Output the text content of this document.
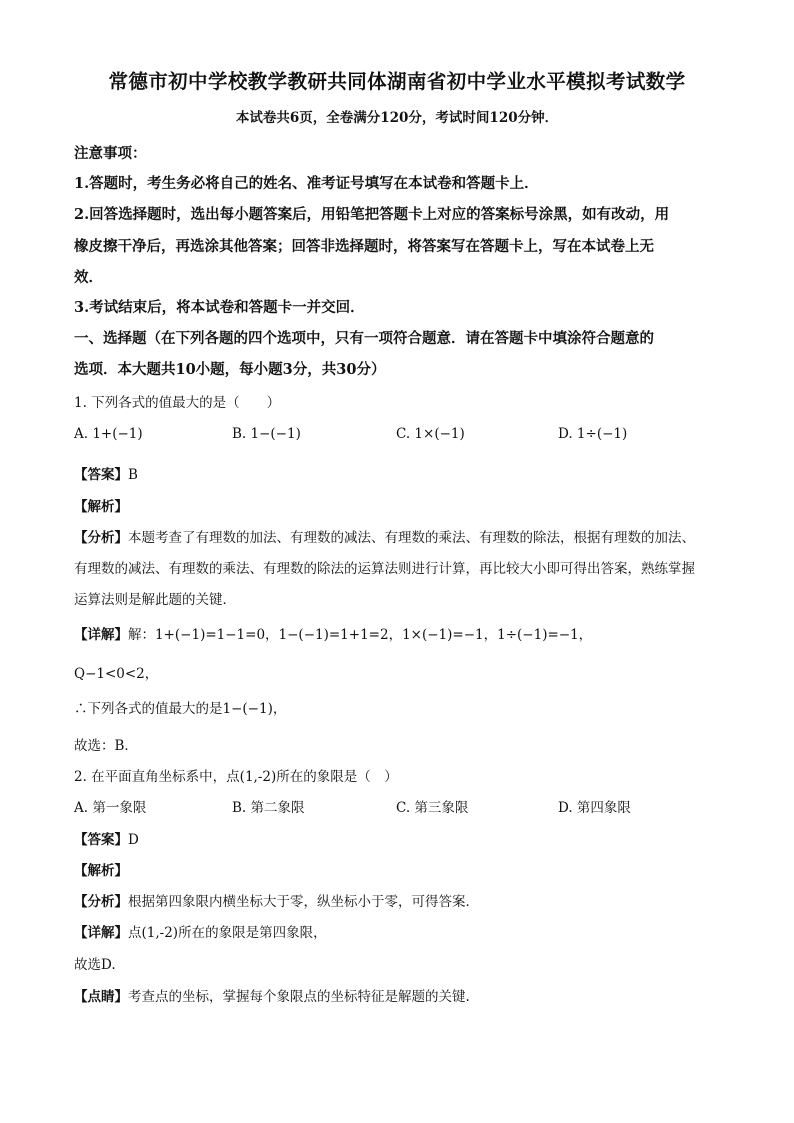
常德市初中学校教学教研共同体湖南省初中学业水平模拟考试数学
本试卷共6页，全卷满分120分，考试时间120分钟．
注意事项：
1.答题时，考生务必将自己的姓名、准考证号填写在本试卷和答题卡上．
2.回答选择题时，选出每小题答案后，用铅笔把答题卡上对应的答案标号涂黑，如有改动，用
橡皮擦干净后，再选涂其他答案；回答非选择题时，将答案写在答题卡上，写在本试卷上无
效．
3.考试结束后，将本试卷和答题卡一并交回．
一、选择题（在下列各题的四个选项中，只有一项符合题意．请在答题卡中填涂符合题意的
选项．本大题共10小题，每小题3分，共30分）
1. 下列各式的值最大的是（　　）
A. 1+(−1)	B. 1−(−1)	C. 1×(−1)	D. 1÷(−1)
【答案】B
【解析】
【分析】本题考查了有理数的加法、有理数的减法、有理数的乘法、有理数的除法，根据有理数的加法、
有理数的减法、有理数的乘法、有理数的除法的运算法则进行计算，再比较大小即可得出答案，熟练掌握
运算法则是解此题的关键．
【详解】解：1+(−1)=1−1=0，1−(−1)=1+1=2，1×(−1)=−1，1÷(−1)=−1，
Q−1<0<2，
∴下列各式的值最大的是1−(−1)，
故选：B．
2. 在平面直角坐标系中，点(1,-2)所在的象限是（　）
A. 第一象限	B. 第二象限	C. 第三象限	D. 第四象限
【答案】D
【解析】
【分析】根据第四象限内横坐标大于零，纵坐标小于零，可得答案．
【详解】点(1,-2)所在的象限是第四象限，
故选D.
【点睛】考查点的坐标，掌握每个象限点的坐标特征是解题的关键.
